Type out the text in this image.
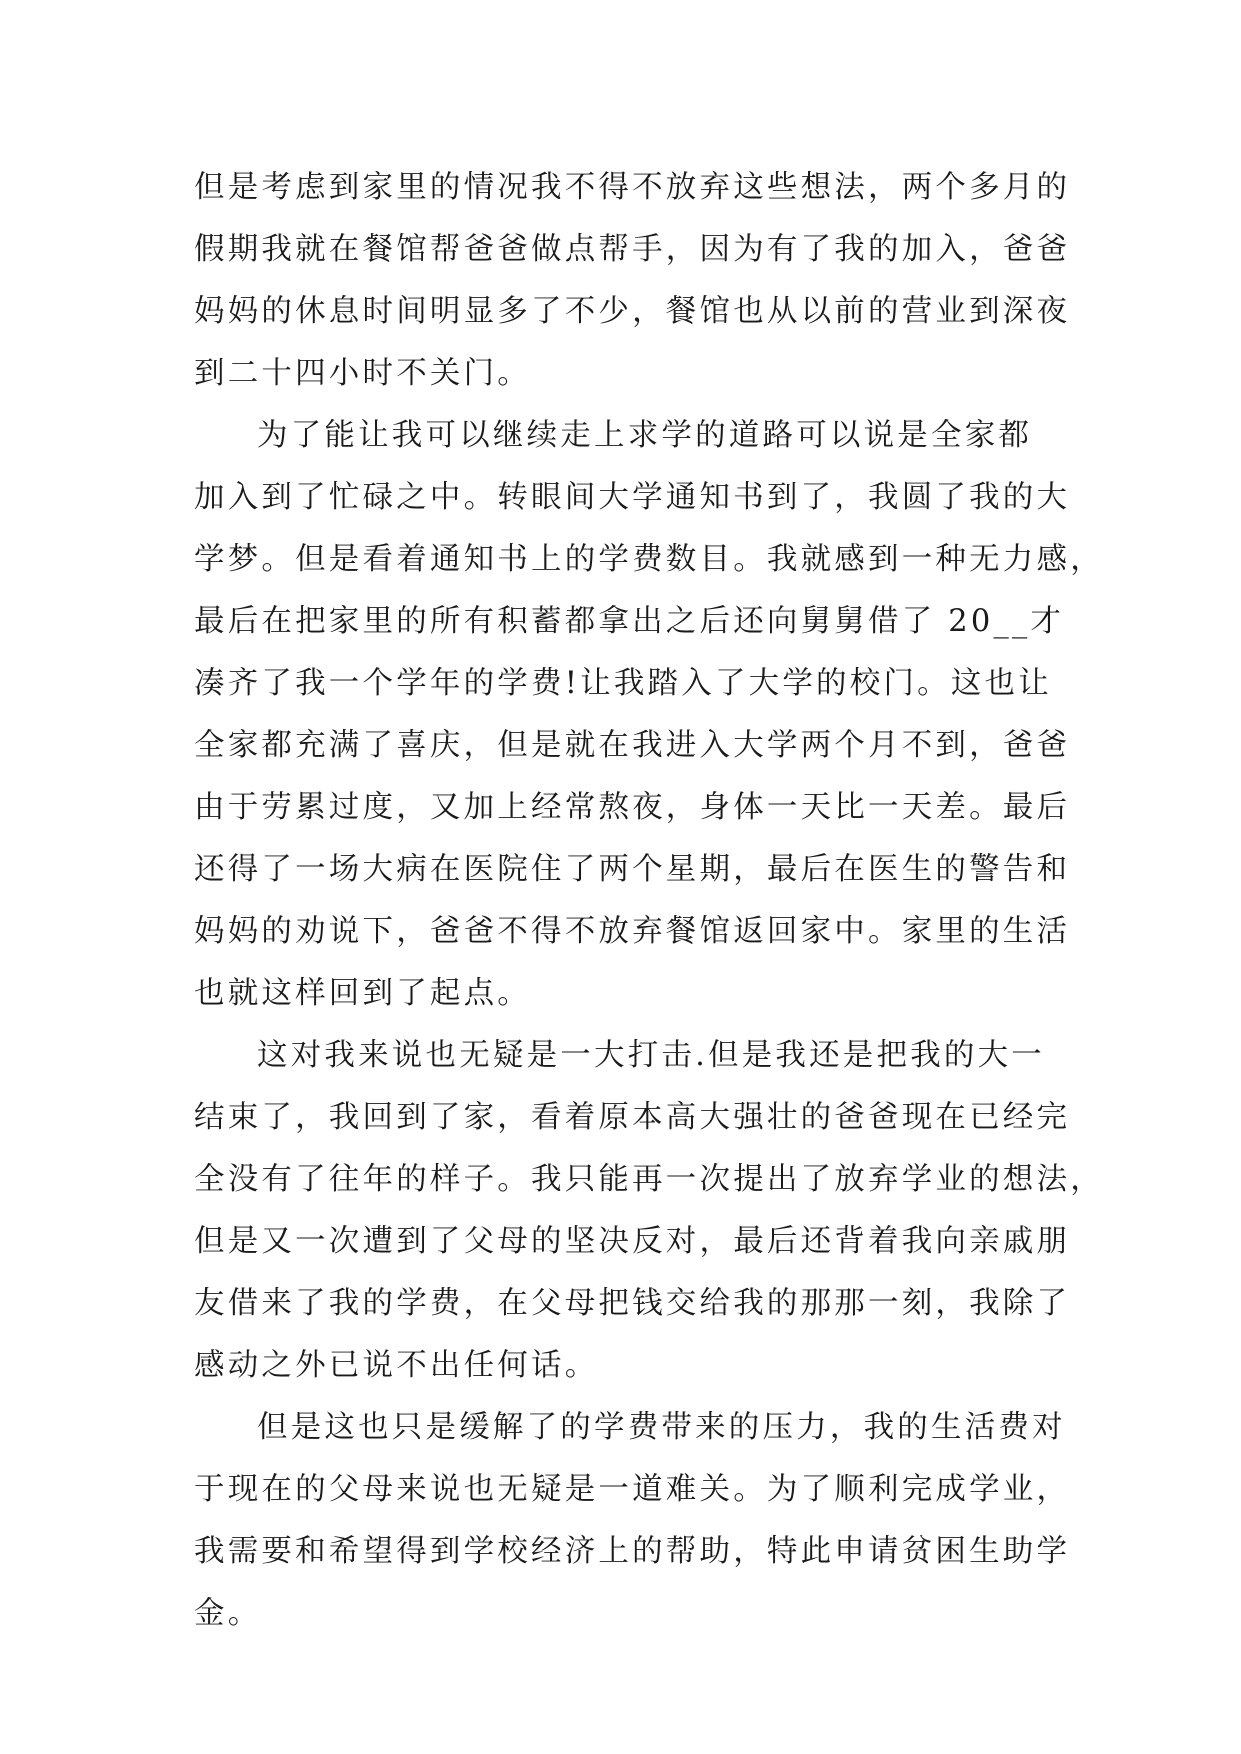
但是考虑到家里的情况我不得不放弃这些想法，两个多月的
假期我就在餐馆帮爸爸做点帮手，因为有了我的加入，爸爸
妈妈的休息时间明显多了不少，餐馆也从以前的营业到深夜
到二十四小时不关门。
为了能让我可以继续走上求学的道路可以说是全家都
加入到了忙碌之中。转眼间大学通知书到了，我圆了我的大
学梦。但是看着通知书上的学费数目。我就感到一种无力感，
最后在把家里的所有积蓄都拿出之后还向舅舅借了 20__才
凑齐了我一个学年的学费!让我踏入了大学的校门。这也让
全家都充满了喜庆，但是就在我进入大学两个月不到，爸爸
由于劳累过度，又加上经常熬夜，身体一天比一天差。最后
还得了一场大病在医院住了两个星期，最后在医生的警告和
妈妈的劝说下，爸爸不得不放弃餐馆返回家中。家里的生活
也就这样回到了起点。
这对我来说也无疑是一大打击.但是我还是把我的大一
结束了，我回到了家，看着原本高大强壮的爸爸现在已经完
全没有了往年的样子。我只能再一次提出了放弃学业的想法，
但是又一次遭到了父母的坚决反对，最后还背着我向亲戚朋
友借来了我的学费，在父母把钱交给我的那那一刻，我除了
感动之外已说不出任何话。
但是这也只是缓解了的学费带来的压力，我的生活费对
于现在的父母来说也无疑是一道难关。为了顺利完成学业，
我需要和希望得到学校经济上的帮助，特此申请贫困生助学
金。
